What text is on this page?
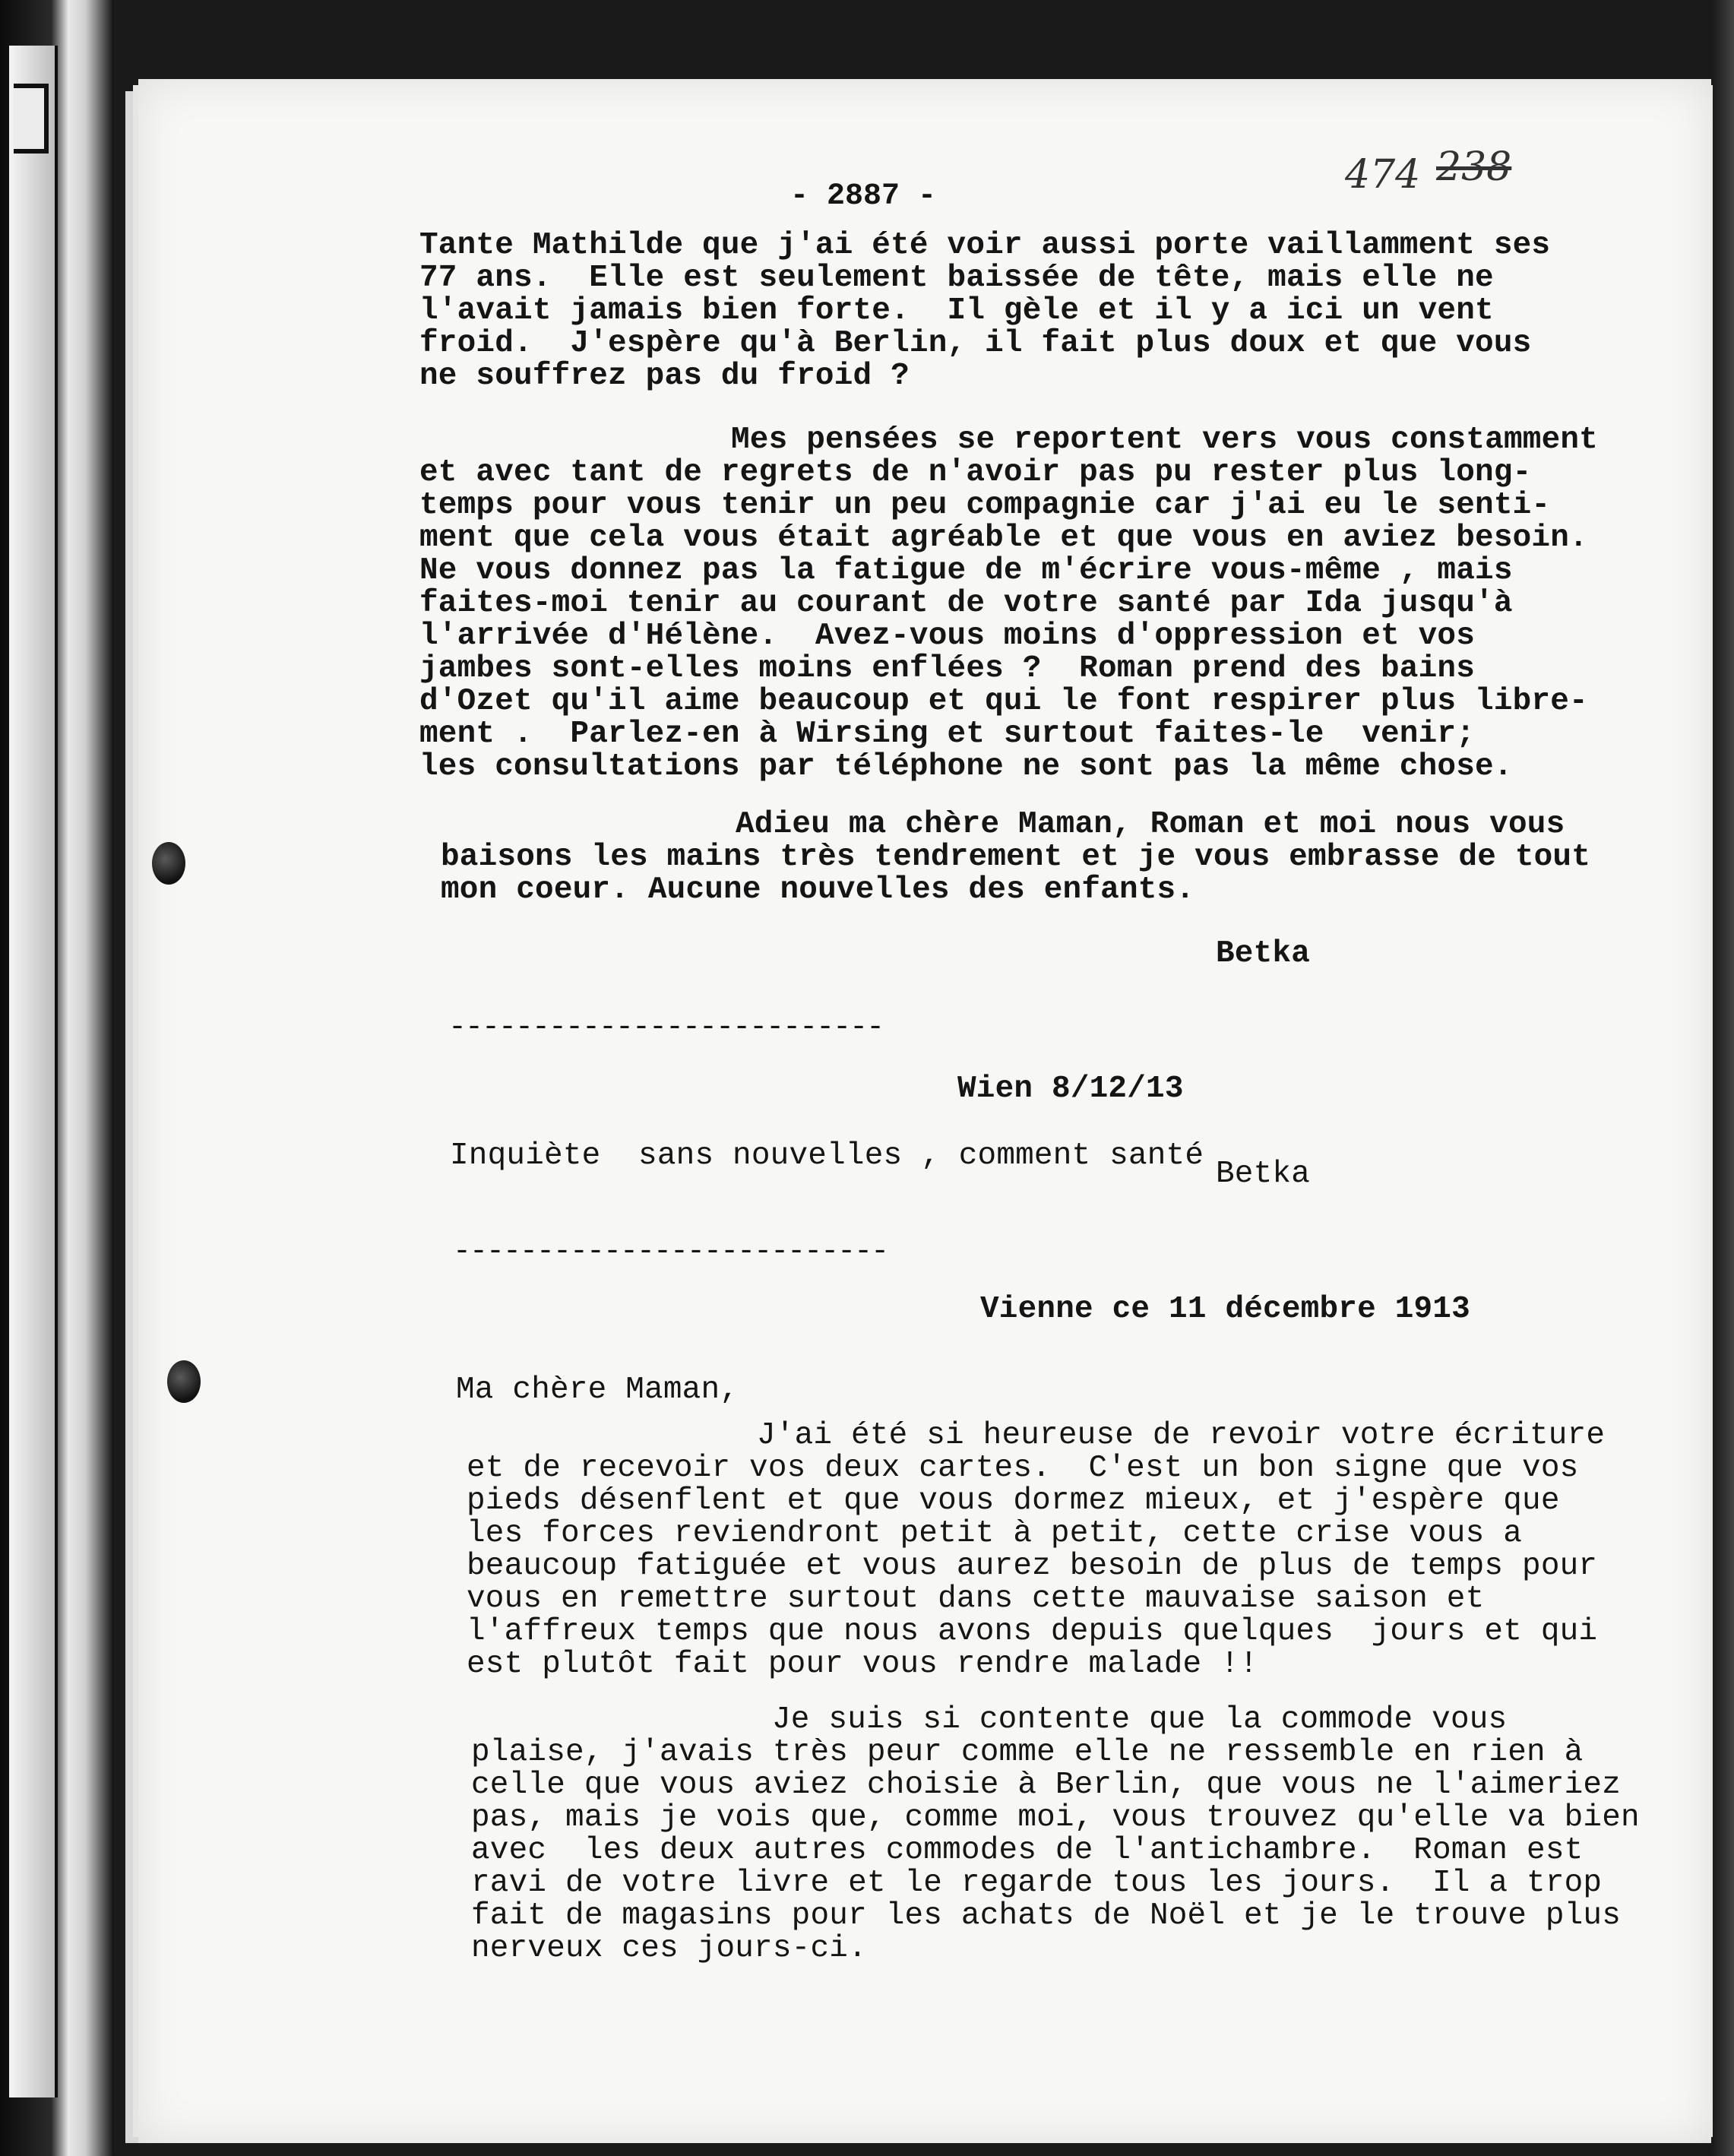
- 2887 -	474 238
Tante Mathilde que j'ai été voir aussi porte vaillamment ses
77 ans.  Elle est seulement baissée de tête, mais elle ne
l'avait jamais bien forte.  Il gèle et il y a ici un vent
froid.  J'espère qu'à Berlin, il fait plus doux et que vous
ne souffrez pas du froid ?
Mes pensées se reportent vers vous constamment
et avec tant de regrets de n'avoir pas pu rester plus long-
temps pour vous tenir un peu compagnie car j'ai eu le senti-
ment que cela vous était agréable et que vous en aviez besoin.
Ne vous donnez pas la fatigue de m'écrire vous-même , mais
faites-moi tenir au courant de votre santé par Ida jusqu'à
l'arrivée d'Hélène.  Avez-vous moins d'oppression et vos
jambes sont-elles moins enflées ?  Roman prend des bains
d'Ozet qu'il aime beaucoup et qui le font respirer plus libre-
ment .  Parlez-en à Wirsing et surtout faites-le  venir;
les consultations par téléphone ne sont pas la même chose.
Adieu ma chère Maman, Roman et moi nous vous
baisons les mains très tendrement et je vous embrasse de tout
mon coeur. Aucune nouvelles des enfants.
Betka
--------------------------
Wien 8/12/13
Inquiète  sans nouvelles , comment santé
Betka
--------------------------
Vienne ce 11 décembre 1913
Ma chère Maman,
J'ai été si heureuse de revoir votre écriture
et de recevoir vos deux cartes.  C'est un bon signe que vos
pieds désenflent et que vous dormez mieux, et j'espère que
les forces reviendront petit à petit, cette crise vous a
beaucoup fatiguée et vous aurez besoin de plus de temps pour
vous en remettre surtout dans cette mauvaise saison et
l'affreux temps que nous avons depuis quelques  jours et qui
est plutôt fait pour vous rendre malade !!
Je suis si contente que la commode vous
plaise, j'avais très peur comme elle ne ressemble en rien à
celle que vous aviez choisie à Berlin, que vous ne l'aimeriez
pas, mais je vois que, comme moi, vous trouvez qu'elle va bien
avec  les deux autres commodes de l'antichambre.  Roman est
ravi de votre livre et le regarde tous les jours.  Il a trop
fait de magasins pour les achats de Noël et je le trouve plus
nerveux ces jours-ci.
